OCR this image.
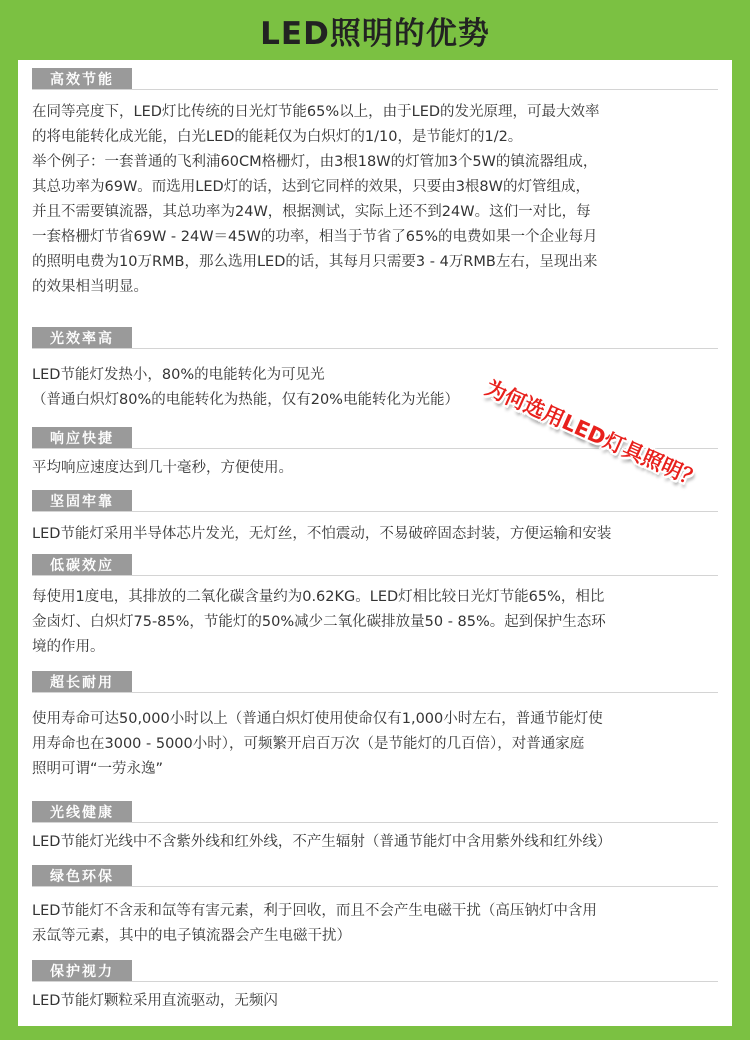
LED照明的优势
高效节能
在同等亮度下，LED灯比传统的日光灯节能65%以上，由于LED的发光原理，可最大效率
的将电能转化成光能，白光LED的能耗仅为白炽灯的1/10，是节能灯的1/2。
举个例子：一套普通的飞利浦60CM格栅灯，由3根18W的灯管加3个5W的镇流器组成，
其总功率为69W。而选用LED灯的话，达到它同样的效果，只要由3根8W的灯管组成，
并且不需要镇流器，其总功率为24W，根据测试，实际上还不到24W。这们一对比，每
一套格栅灯节省69W - 24W＝45W的功率，相当于节省了65%的电费如果一个企业每月
的照明电费为10万RMB，那么选用LED的话，其每月只需要3 - 4万RMB左右，呈现出来
的效果相当明显。
光效率高
LED节能灯发热小，80%的电能转化为可见光
（普通白炽灯80%的电能转化为热能，仅有20%电能转化为光能）
响应快捷
平均响应速度达到几十毫秒，方便使用。
坚固牢靠
LED节能灯采用半导体芯片发光，无灯丝，不怕震动，不易破碎固态封装，方便运输和安装
低碳效应
每使用1度电，其排放的二氧化碳含量约为0.62KG。LED灯相比较日光灯节能65%，相比
金卤灯、白炽灯75-85%，节能灯的50%减少二氧化碳排放量50 - 85%。起到保护生态环
境的作用。
超长耐用
使用寿命可达50,000小时以上（普通白炽灯使用使命仅有1,000小时左右，普通节能灯使
用寿命也在3000 - 5000小时），可频繁开启百万次（是节能灯的几百倍），对普通家庭
照明可谓“一劳永逸”
光线健康
LED节能灯光线中不含紫外线和红外线，不产生辐射（普通节能灯中含用紫外线和红外线）
绿色环保
LED节能灯不含汞和氙等有害元素，利于回收，而且不会产生电磁干扰（高压钠灯中含用
汞氙等元素，其中的电子镇流器会产生电磁干扰）
保护视力
LED节能灯颗粒采用直流驱动，无频闪
为何选用LED灯具照明？
